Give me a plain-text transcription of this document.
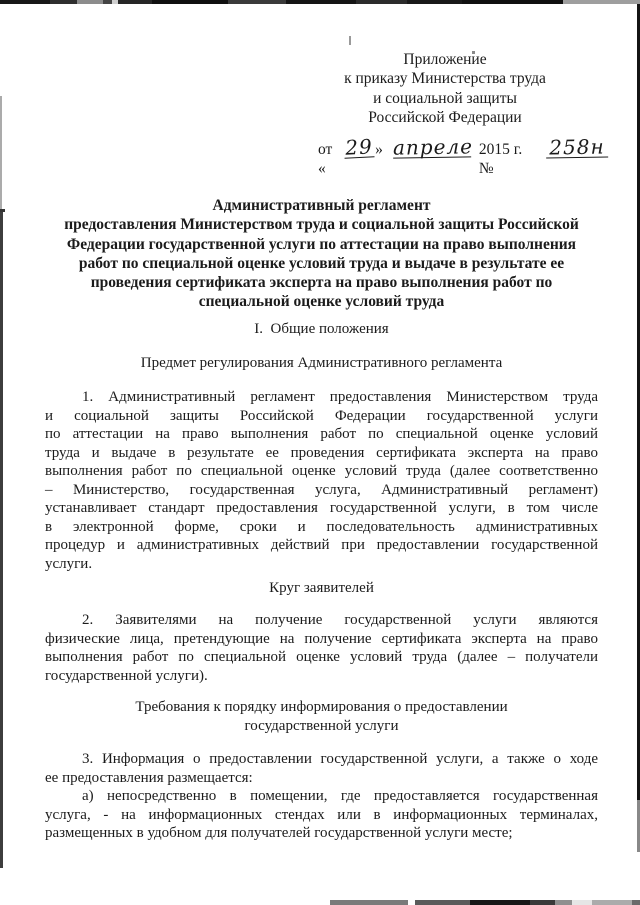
Приложение
к приказу Министерства труда
и социальной защиты
Российской Федерации
от «
29 » апреле 2015 г. №
258н
Административный регламент
предоставления Министерством труда и социальной защиты Российской
Федерации государственной услуги по аттестации на право выполнения
работ по специальной оценке условий труда и выдаче в результате ее
проведения сертификата эксперта на право выполнения работ по
специальной оценке условий труда
I.  Общие положения
Предмет регулирования Административного регламента
1. Административный регламент предоставления Министерством труда
и социальной защиты Российской Федерации государственной услуги
по аттестации на право выполнения работ по специальной оценке условий
труда и выдаче в результате ее проведения сертификата эксперта на право
выполнения работ по специальной оценке условий труда (далее соответственно
– Министерство, государственная услуга, Административный регламент)
устанавливает стандарт предоставления государственной услуги, в том числе
в электронной форме, сроки и последовательность административных
процедур и административных действий при предоставлении государственной
услуги.
Круг заявителей
2. Заявителями на получение государственной услуги являются
физические лица, претендующие на получение сертификата эксперта на право
выполнения работ по специальной оценке условий труда (далее – получатели
государственной услуги).
Требования к порядку информирования о предоставлении
государственной услуги
3. Информация о предоставлении государственной услуги, а также о ходе
ее предоставления размещается:
а) непосредственно в помещении, где предоставляется государственная
услуга, - на информационных стендах или в информационных терминалах,
размещенных в удобном для получателей государственной услуги месте;
